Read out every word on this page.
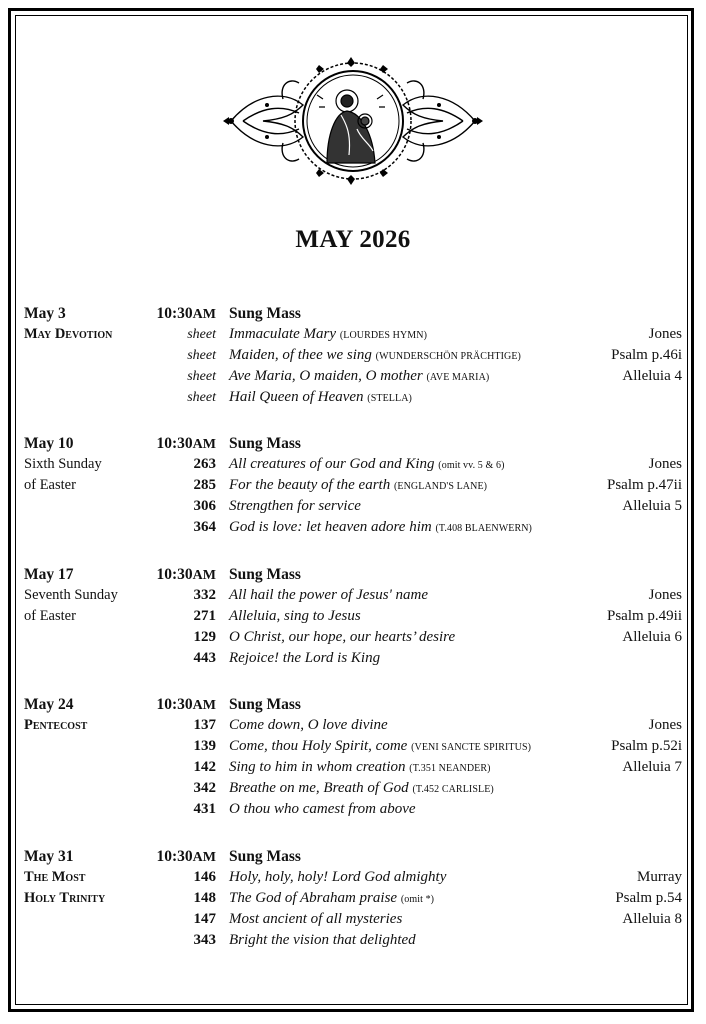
MAY 2026
May 3	10:30AM Sung Mass
May Devotion	sheet Immaculate Mary (LOURDES HYMN)	Jones
sheet Maiden, of thee we sing (WUNDERSCHÖN PRÄCHTIGE)	Psalm p.46i
sheet Ave Maria, O maiden, O mother (AVE MARIA)	Alleluia 4
sheet Hail Queen of Heaven (STELLA)
May 10	10:30AM Sung Mass
Sixth Sunday	263 All creatures of our God and King (omit vv. 5 & 6)	Jones
of Easter	285 For the beauty of the earth (ENGLAND'S LANE)	Psalm p.47ii
306 Strengthen for service	Alleluia 5
364 God is love: let heaven adore him (T.408 BLAENWERN)
May 17	10:30AM Sung Mass
Seventh Sunday	332 All hail the power of Jesus' name	Jones
of Easter	271 Alleluia, sing to Jesus	Psalm p.49ii
129 O Christ, our hope, our hearts’ desire	Alleluia 6
443 Rejoice! the Lord is King
May 24	10:30AM Sung Mass
Pentecost	137 Come down, O love divine	Jones
139 Come, thou Holy Spirit, come (VENI SANCTE SPIRITUS)	Psalm p.52i
142 Sing to him in whom creation (T.351 NEANDER)	Alleluia 7
342 Breathe on me, Breath of God (T.452 CARLISLE)
431 O thou who camest from above
May 31	10:30AM Sung Mass
The Most	146 Holy, holy, holy! Lord God almighty	Murray
Holy Trinity	148 The God of Abraham praise (omit *)	Psalm p.54
147 Most ancient of all mysteries	Alleluia 8
343 Bright the vision that delighted
